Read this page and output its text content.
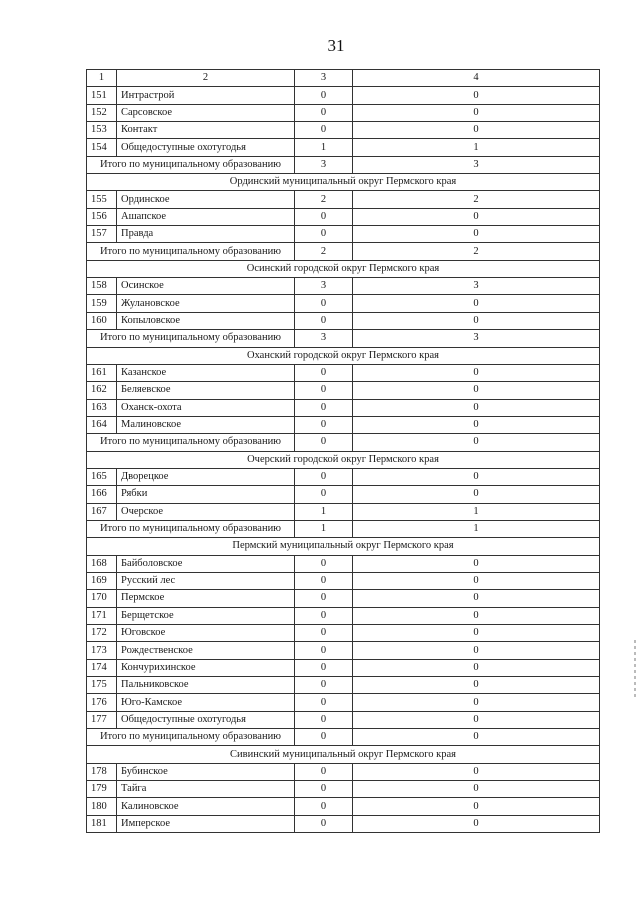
31
1	2	3	4
151	Интрастрой	0	0
152	Сарсовское	0	0
153	Контакт	0	0
154	Общедоступные охотугодья	1	1
Итого по муниципальному образованию		3	3
Ординский муниципальный округ Пермского края			
155	Ординское	2	2
156	Ашапское	0	0
157	Правда	0	0
Итого по муниципальному образованию		2	2
Осинский городской округ Пермского края			
158	Осинское	3	3
159	Жулановское	0	0
160	Копыловское	0	0
Итого по муниципальному образованию		3	3
Оханский городской округ Пермского края			
161	Казанское	0	0
162	Беляевское	0	0
163	Оханск-охота	0	0
164	Малиновское	0	0
Итого по муниципальному образованию		0	0
Очерский городской округ Пермского края			
165	Дворецкое	0	0
166	Рябки	0	0
167	Очерское	1	1
Итого по муниципальному образованию		1	1
Пермский муниципальный округ Пермского края			
168	Байболовское	0	0
169	Русский лес	0	0
170	Пермское	0	0
171	Берщетское	0	0
172	Юговское	0	0
173	Рождественское	0	0
174	Кончурихинское	0	0
175	Пальниковское	0	0
176	Юго-Камское	0	0
177	Общедоступные охотугодья	0	0
Итого по муниципальному образованию		0	0
Сивинский муниципальный округ Пермского края			
178	Бубинское	0	0
179	Тайга	0	0
180	Калиновское	0	0
181	Имперское	0	0
